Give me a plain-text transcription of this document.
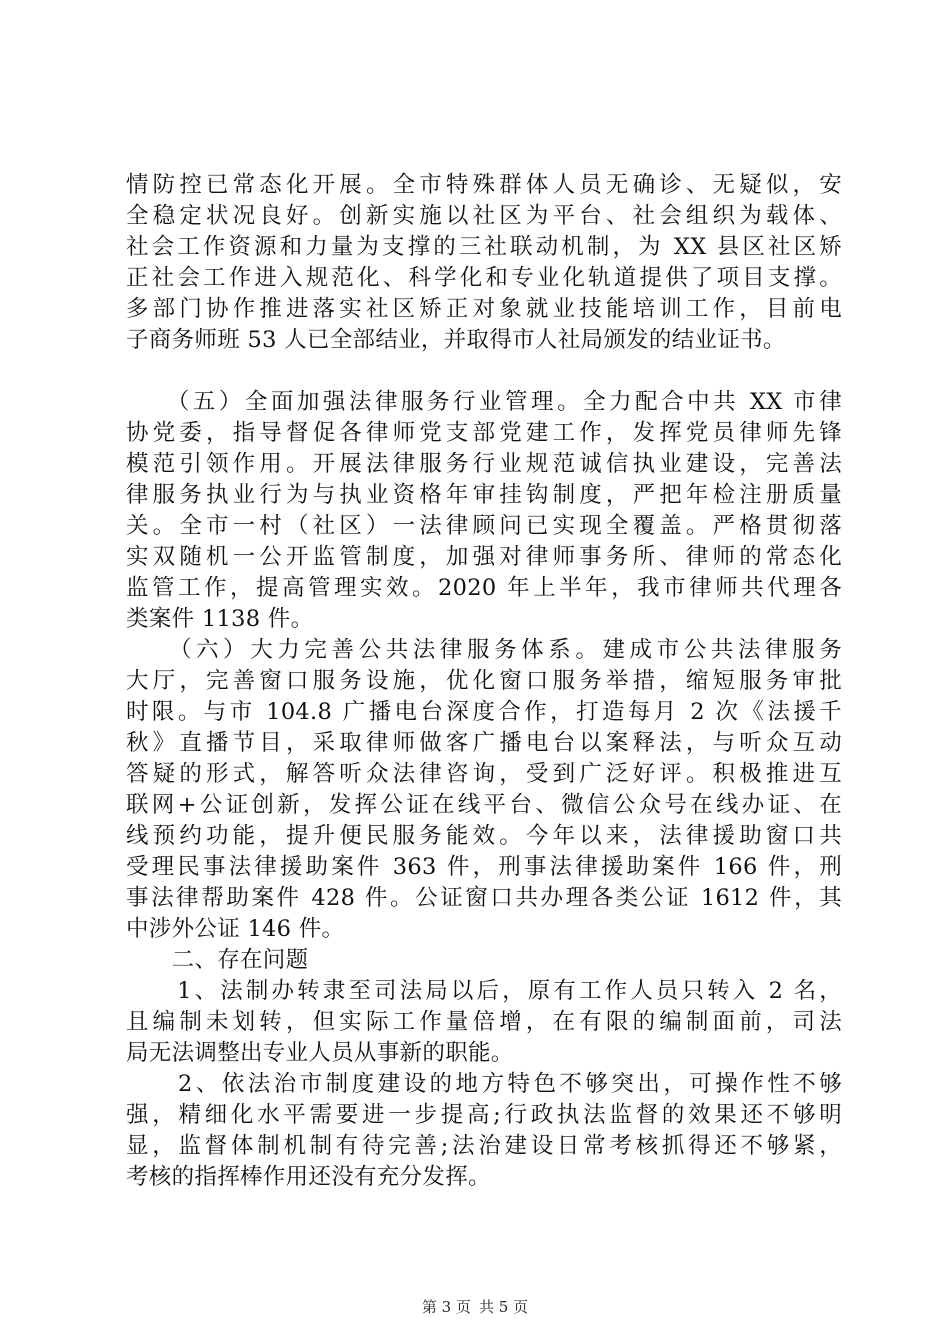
情防控已常态化开展。全市特殊群体人员无确诊、无疑似，安
全稳定状况良好。创新实施以社区为平台、社会组织为载体、
社会工作资源和力量为支撑的三社联动机制，为 XX 县区社区矫
正社会工作进入规范化、科学化和专业化轨道提供了项目支撑。
多部门协作推进落实社区矫正对象就业技能培训工作，目前电
子商务师班 53 人已全部结业，并取得市人社局颁发的结业证书。
　　（五）全面加强法律服务行业管理。全力配合中共 XX 市律
协党委，指导督促各律师党支部党建工作，发挥党员律师先锋
模范引领作用。开展法律服务行业规范诚信执业建设，完善法
律服务执业行为与执业资格年审挂钩制度，严把年检注册质量
关。全市一村（社区）一法律顾问已实现全覆盖。严格贯彻落
实双随机一公开监管制度，加强对律师事务所、律师的常态化
监管工作，提高管理实效。2020 年上半年，我市律师共代理各
类案件 1138 件。
　　（六）大力完善公共法律服务体系。建成市公共法律服务
大厅，完善窗口服务设施，优化窗口服务举措，缩短服务审批
时限。与市 104.8 广播电台深度合作，打造每月 2 次《法援千
秋》直播节目，采取律师做客广播电台以案释法，与听众互动
答疑的形式，解答听众法律咨询，受到广泛好评。积极推进互
联网+公证创新，发挥公证在线平台、微信公众号在线办证、在
线预约功能，提升便民服务能效。今年以来，法律援助窗口共
受理民事法律援助案件 363 件，刑事法律援助案件 166 件，刑
事法律帮助案件 428 件。公证窗口共办理各类公证 1612 件，其
中涉外公证 146 件。
　　二、存在问题
　　1、法制办转隶至司法局以后，原有工作人员只转入 2 名，
且编制未划转，但实际工作量倍增，在有限的编制面前，司法
局无法调整出专业人员从事新的职能。
　　2、依法治市制度建设的地方特色不够突出，可操作性不够
强，精细化水平需要进一步提高;行政执法监督的效果还不够明
显，监督体制机制有待完善;法治建设日常考核抓得还不够紧，
考核的指挥棒作用还没有充分发挥。
第 3 页 共 5 页
